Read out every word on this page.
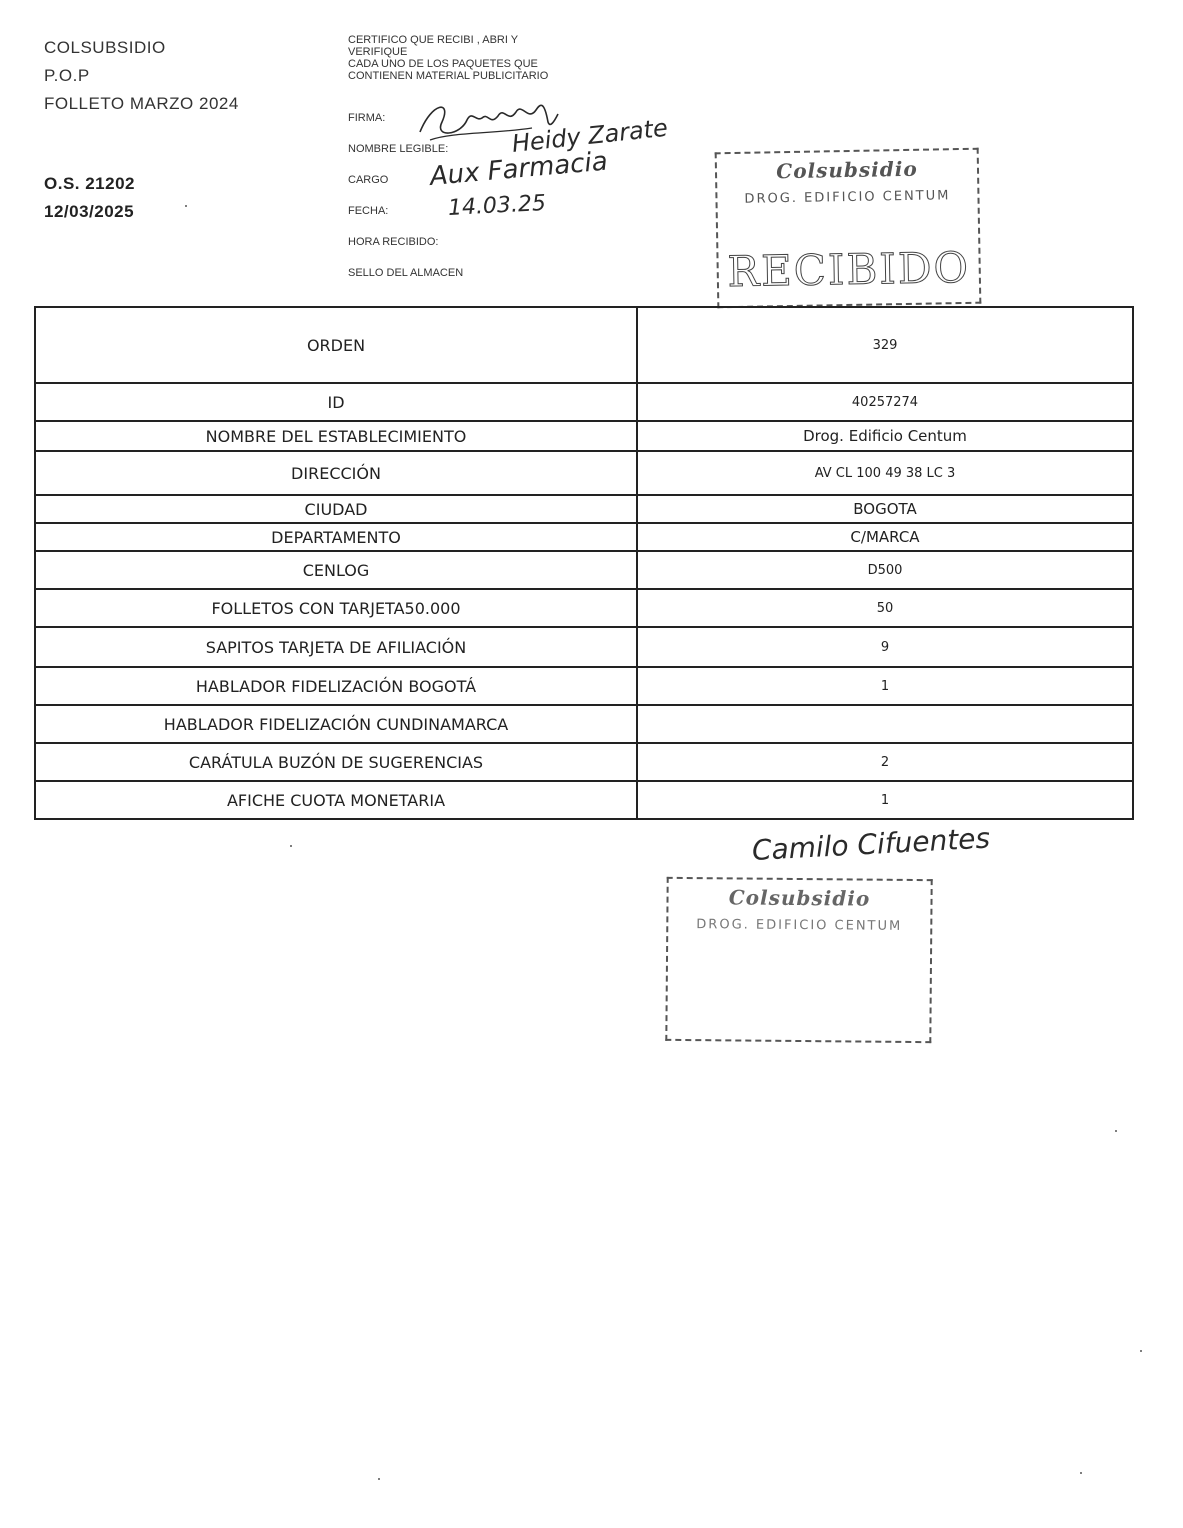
COLSUBSIDIO
P.O.P
FOLLETO MARZO 2024
O.S. 21202
12/03/2025
CERTIFICO QUE RECIBI , ABRI Y
VERIFIQUE
CADA UNO DE LOS PAQUETES QUE
CONTIENEN MATERIAL PUBLICITARIO
FIRMA:
NOMBRE LEGIBLE:
CARGO
FECHA:
HORA RECIBIDO:
SELLO DEL ALMACEN
Heidy Zarate
Aux Farmacia
14.03.25
Colsubsidio
DROG. EDIFICIO CENTUM
RECIBIDO
ORDEN	329
ID	40257274
NOMBRE DEL ESTABLECIMIENTO	Drog. Edificio Centum
DIRECCIÓN	AV CL 100 49 38 LC 3
CIUDAD	BOGOTA
DEPARTAMENTO	C/MARCA
CENLOG	D500
FOLLETOS CON TARJETA50.000	50
SAPITOS TARJETA DE AFILIACIÓN	9
HABLADOR FIDELIZACIÓN BOGOTÁ	1
HABLADOR FIDELIZACIÓN CUNDINAMARCA	
CARÁTULA BUZÓN DE SUGERENCIAS	2
AFICHE CUOTA MONETARIA	1
Camilo Cifuentes
Colsubsidio
DROG. EDIFICIO CENTUM
